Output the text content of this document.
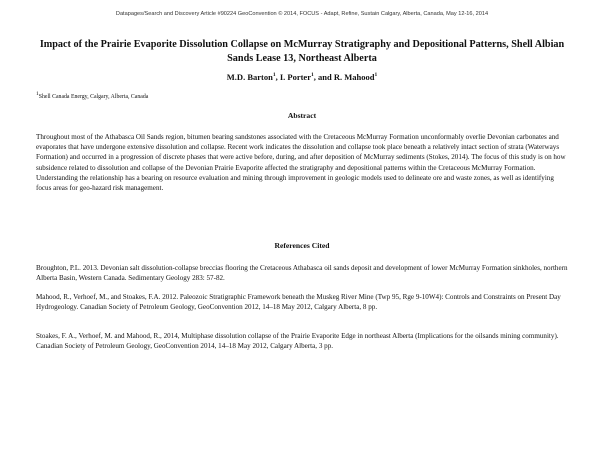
Datapages/Search and Discovery Article #90224 GeoConvention © 2014, FOCUS - Adapt, Refine, Sustain Calgary, Alberta, Canada, May 12-16, 2014
Impact of the Prairie Evaporite Dissolution Collapse on McMurray Stratigraphy and Depositional Patterns, Shell Albian Sands Lease 13, Northeast Alberta
M.D. Barton$^1$, I. Porter$^1$, and R. Mahood$^1$
$^1$Shell Canada Energy, Calgary, Alberta, Canada
Abstract
Throughout most of the Athabasca Oil Sands region, bitumen bearing sandstones associated with the Cretaceous McMurray Formation unconformably overlie Devonian carbonates and evaporates that have undergone extensive dissolution and collapse. Recent work indicates the dissolution and collapse took place beneath a relatively intact section of strata (Waterways Formation) and occurred in a progression of discrete phases that were active before, during, and after deposition of McMurray sediments (Stokes, 2014). The focus of this study is on how subsidence related to dissolution and collapse of the Devonian Prairie Evaporite affected the stratigraphy and depositional patterns within the Cretaceous McMurray Formation. Understanding the relationship has a bearing on resource evaluation and mining through improvement in geologic models used to delineate ore and waste zones, as well as identifying focus areas for geo-hazard risk management.
References Cited
Broughton, P.L. 2013. Devonian salt dissolution-collapse breccias flooring the Cretaceous Athabasca oil sands deposit and development of lower McMurray Formation sinkholes, northern Alberta Basin, Western Canada. Sedimentary Geology 283: 57-82.
Mahood, R., Verhoef, M., and Stoakes, F.A. 2012. Paleozoic Stratigraphic Framework beneath the Muskeg River Mine (Twp 95, Rge 9-10W4): Controls and Constraints on Present Day Hydrogeology. Canadian Society of Petroleum Geology, GeoConvention 2012, 14–18 May 2012, Calgary Alberta, 8 pp.
Stoakes, F. A., Verhoef, M. and Mahood, R., 2014, Multiphase dissolution collapse of the Prairie Evaporite Edge in northeast Alberta (Implications for the oilsands mining community). Canadian Society of Petroleum Geology, GeoConvention 2014, 14–18 May 2012, Calgary Alberta, 3 pp.
